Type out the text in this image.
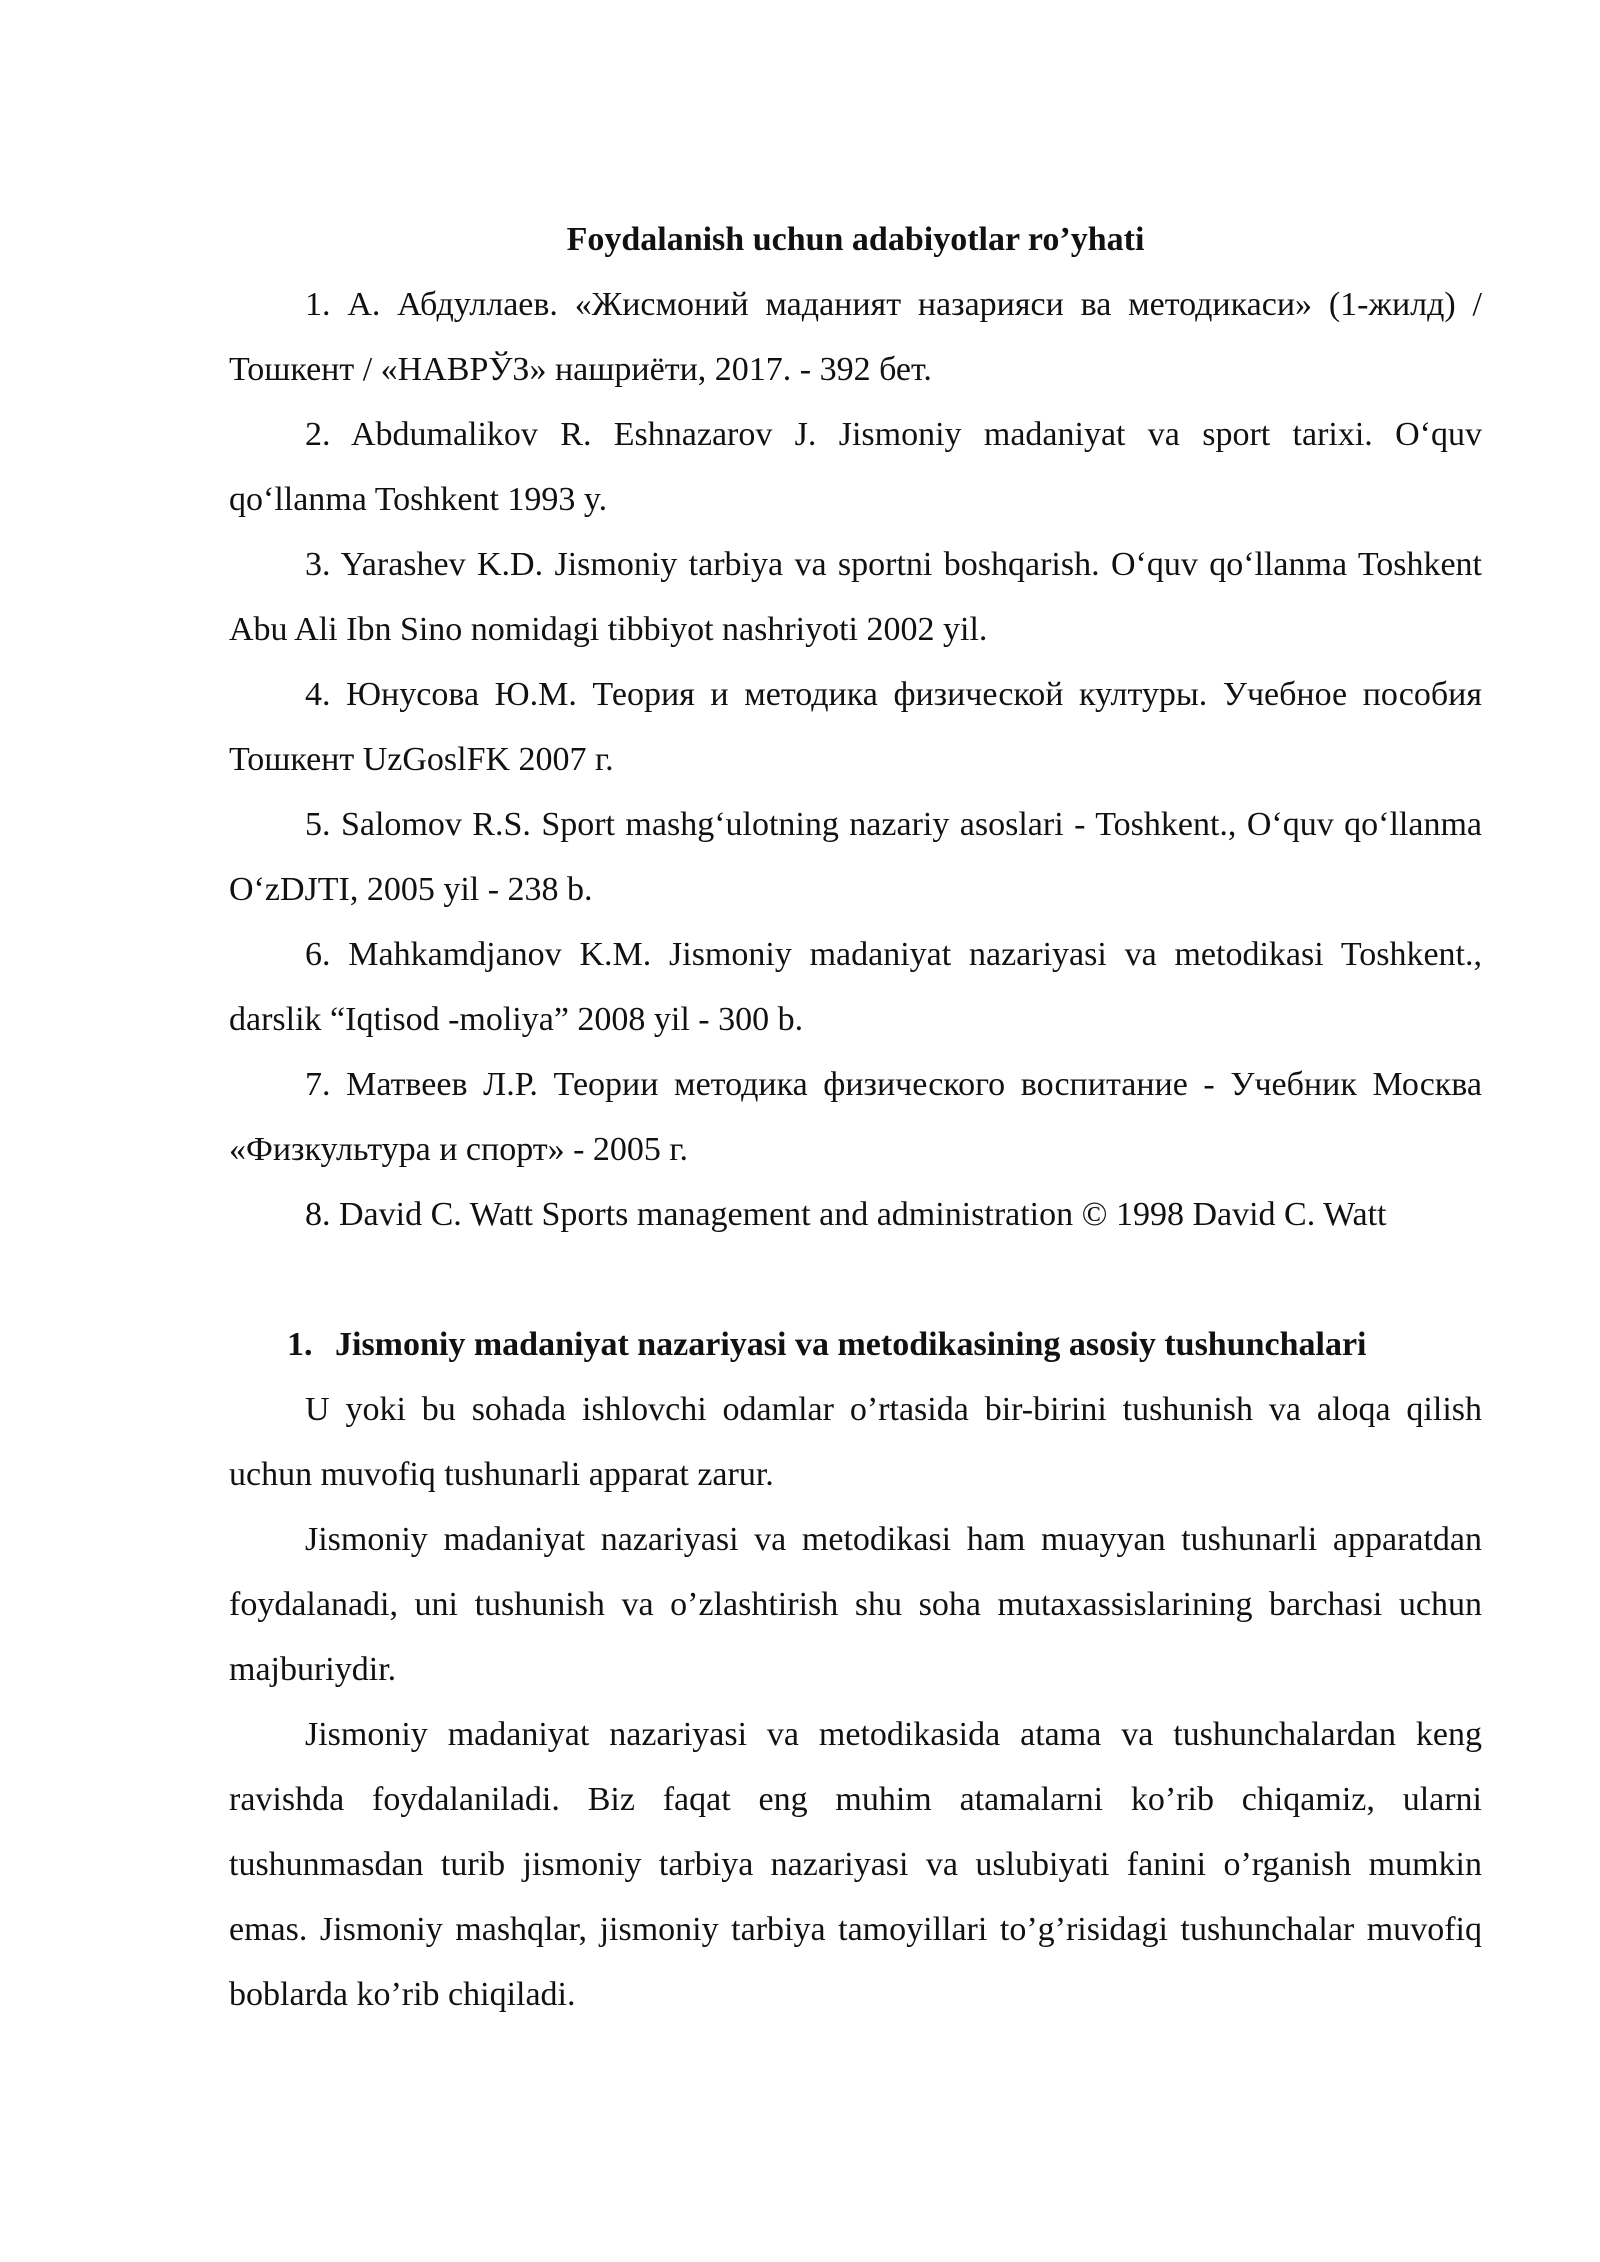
Foydalanish uchun adabiyotlar ro’yhati

1. А. Абдуллаев. «Жисмоний маданият назарияси ва методикаси» (1-жилд) / Тошкент / «НАВРЎЗ» нашриёти, 2017. - 392 бет.

2. Abdumalikov R. Eshnazarov J. Jismoniy madaniyat va sport tarixi. O‘quv qo‘llanma Toshkent 1993 y.

3. Yarashev K.D. Jismoniy tarbiya va sportni boshqarish. O‘quv qo‘llanma Toshkent Abu Ali Ibn Sino nomidagi tibbiyot nashriyoti 2002 yil.

4. Юнусова Ю.М. Теория и методика физической културы. Учебное пособия Тошкент UzGoslFK 2007 г.

5. Salomov R.S. Sport mashg‘ulotning nazariy asoslari - Toshkent., O‘quv qo‘llanma O‘zDJTI, 2005 yil - 238 b.

6. Mahkamdjanov K.M. Jismoniy madaniyat nazariyasi va metodikasi Toshkent., darslik “Iqtisod -moliya” 2008 yil - 300 b.

7. Матвеев Л.Р. Теории методика физического воспитание - Учебник Москва «Физкультура и спорт» - 2005 г.

8. David C. Watt Sports management and administration © 1998 David C. Watt

1. Jismoniy madaniyat nazariyasi va metodikasining asosiy tushunchalari

U yoki bu sohada ishlovchi odamlar o’rtasida bir-birini tushunish va aloqa qilish uchun muvofiq tushunarli apparat zarur.

Jismoniy madaniyat nazariyasi va metodikasi ham muayyan tushunarli apparatdan foydalanadi, uni tushunish va o’zlashtirish shu soha mutaxassislarining barchasi uchun majburiydir.

Jismoniy madaniyat nazariyasi va metodikasida atama va tushunchalardan keng ravishda foydalaniladi. Biz faqat eng muhim atamalarni ko’rib chiqamiz, ularni tushunmasdan turib jismoniy tarbiya nazariyasi va uslubiyati fanini o’rganish mumkin emas. Jismoniy mashqlar, jismoniy tarbiya tamoyillari to’g’risidagi tushunchalar muvofiq boblarda ko’rib chiqiladi.
